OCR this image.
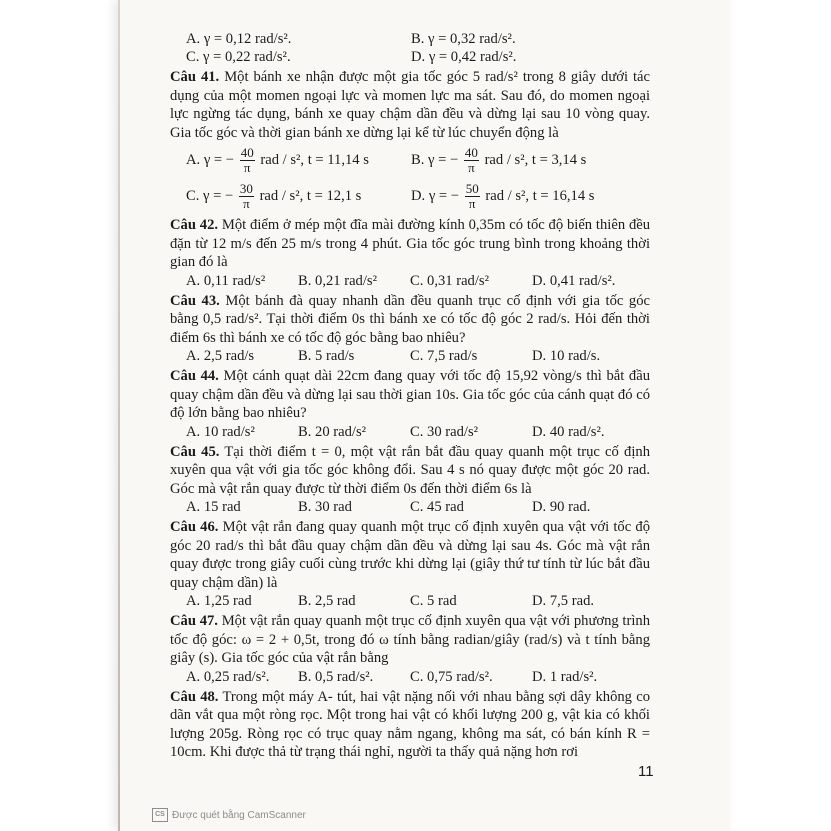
A. γ = 0,12 rad/s².	B. γ = 0,32 rad/s².
C. γ = 0,22 rad/s².	D. γ = 0,42 rad/s².
Câu 41. Một bánh xe nhận được một gia tốc góc 5 rad/s² trong 8 giây dưới tác dụng của một momen ngoại lực và momen lực ma sát. Sau đó, do momen ngoại lực ngừng tác dụng, bánh xe quay chậm dần đều và dừng lại sau 10 vòng quay. Gia tốc góc và thời gian bánh xe dừng lại kể từ lúc chuyển động là
A. γ = − $\frac{40}{\pi}$ rad / s², t = 11,14 s	B. γ = − $\frac{40}{\pi}$ rad / s², t = 3,14 s
C. γ = − $\frac{30}{\pi}$ rad / s², t = 12,1 s	D. γ = − $\frac{50}{\pi}$ rad / s², t = 16,14 s
Câu 42. Một điểm ở mép một đĩa mài đường kính 0,35m có tốc độ biến thiên đều đặn từ 12 m/s đến 25 m/s trong 4 phút. Gia tốc góc trung bình trong khoảng thời gian đó là
A. 0,11 rad/s²	B. 0,21 rad/s²	C. 0,31 rad/s²	D. 0,41 rad/s².
Câu 43. Một bánh đà quay nhanh dần đều quanh trục cố định với gia tốc góc bằng 0,5 rad/s². Tại thời điểm 0s thì bánh xe có tốc độ góc 2 rad/s. Hỏi đến thời điểm 6s thì bánh xe có tốc độ góc bằng bao nhiêu?
A. 2,5 rad/s	B. 5 rad/s	C. 7,5 rad/s	D. 10 rad/s.
Câu 44. Một cánh quạt dài 22cm đang quay với tốc độ 15,92 vòng/s thì bắt đầu quay chậm dần đều và dừng lại sau thời gian 10s. Gia tốc góc của cánh quạt đó có độ lớn bằng bao nhiêu?
A. 10 rad/s²	B. 20 rad/s²	C. 30 rad/s²	D. 40 rad/s².
Câu 45. Tại thời điểm t = 0, một vật rắn bắt đầu quay quanh một trục cố định xuyên qua vật với gia tốc góc không đổi. Sau 4 s nó quay được một góc 20 rad. Góc mà vật rắn quay được từ thời điểm 0s đến thời điểm 6s là
A. 15 rad	B. 30 rad	C. 45 rad	D. 90 rad.
Câu 46. Một vật rắn đang quay quanh một trục cố định xuyên qua vật với tốc độ góc 20 rad/s thì bắt đầu quay chậm dần đều và dừng lại sau 4s. Góc mà vật rắn quay được trong giây cuối cùng trước khi dừng lại (giây thứ tư tính từ lúc bắt đầu quay chậm dần) là
A. 1,25 rad	B. 2,5 rad	C. 5 rad	D. 7,5 rad.
Câu 47. Một vật rắn quay quanh một trục cố định xuyên qua vật với phương trình tốc độ góc: ω = 2 + 0,5t, trong đó ω tính bằng radian/giây (rad/s) và t tính bằng giây (s). Gia tốc góc của vật rắn bằng
A. 0,25 rad/s².	B. 0,5 rad/s².	C. 0,75 rad/s².	D. 1 rad/s².
Câu 48. Trong một máy A- tút, hai vật nặng nối với nhau bằng sợi dây không co dãn vắt qua một ròng rọc. Một trong hai vật có khối lượng 200 g, vật kia có khối lượng 205g. Ròng rọc có trục quay nằm ngang, không ma sát, có bán kính R = 10cm. Khi được thả từ trạng thái nghỉ, người ta thấy quả nặng hơn rơi
11
CS Được quét bằng CamScanner
